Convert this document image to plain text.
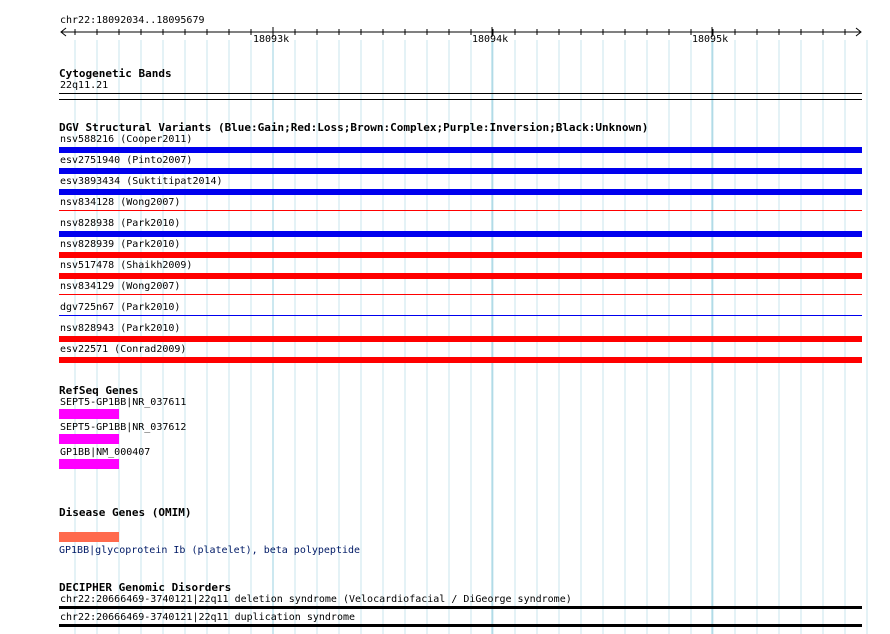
chr22:18092034..18095679
18093k	18094k	18095k
Cytogenetic Bands
22q11.21
DGV Structural Variants (Blue:Gain;Red:Loss;Brown:Complex;Purple:Inversion;Black:Unknown)
nsv588216 (Cooper2011)
esv2751940 (Pinto2007)
esv3893434 (Suktitipat2014)
nsv834128 (Wong2007)
nsv828938 (Park2010)
nsv828939 (Park2010)
nsv517478 (Shaikh2009)
nsv834129 (Wong2007)
dgv725n67 (Park2010)
nsv828943 (Park2010)
esv22571 (Conrad2009)
RefSeq Genes
SEPT5-GP1BB|NR_037611
SEPT5-GP1BB|NR_037612
GP1BB|NM_000407
Disease Genes (OMIM)
GP1BB|glycoprotein Ib (platelet), beta polypeptide
DECIPHER Genomic Disorders
chr22:20666469-3740121|22q11 deletion syndrome (Velocardiofacial / DiGeorge syndrome)
chr22:20666469-3740121|22q11 duplication syndrome
